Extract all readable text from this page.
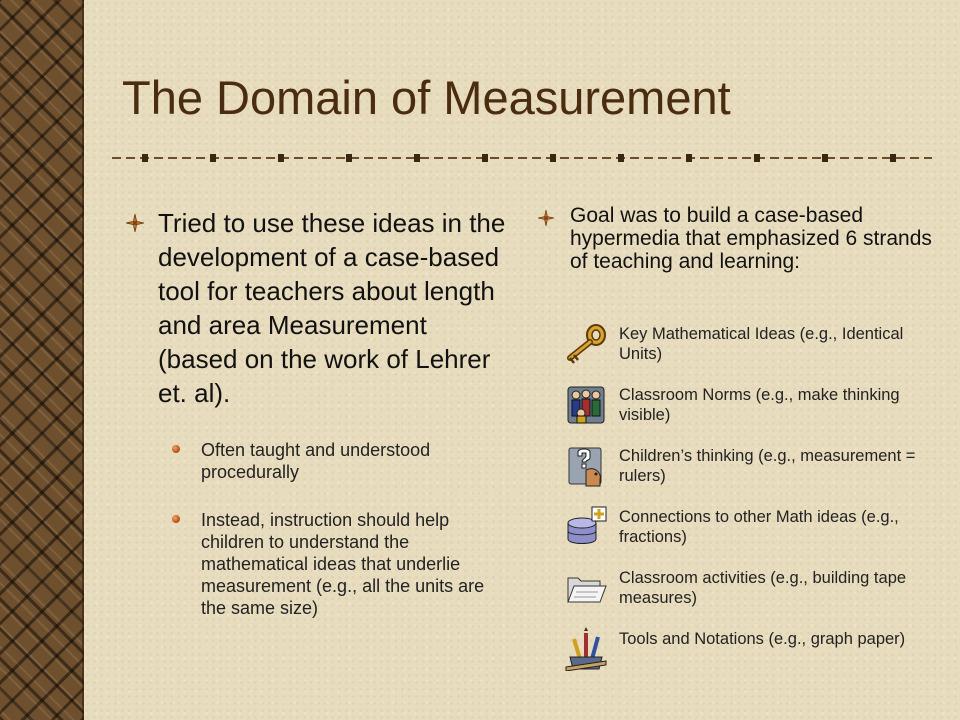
The Domain of Measurement
Tried to use these ideas in the development of a case-based tool for teachers about length and area Measurement (based on the work of Lehrer et. al).
Often taught and understood procedurally
Instead, instruction should help children to understand the mathematical ideas that underlie measurement (e.g., all the units are the same size)
Goal was to build a case-based hypermedia that emphasized 6 strands of teaching and learning:
Key Mathematical Ideas (e.g., Identical Units)
Classroom Norms (e.g., make thinking visible)
Children’s thinking (e.g., measurement = rulers)
Connections to other Math ideas (e.g., fractions)
Classroom activities (e.g., building tape measures)
Tools and Notations (e.g., graph paper)
